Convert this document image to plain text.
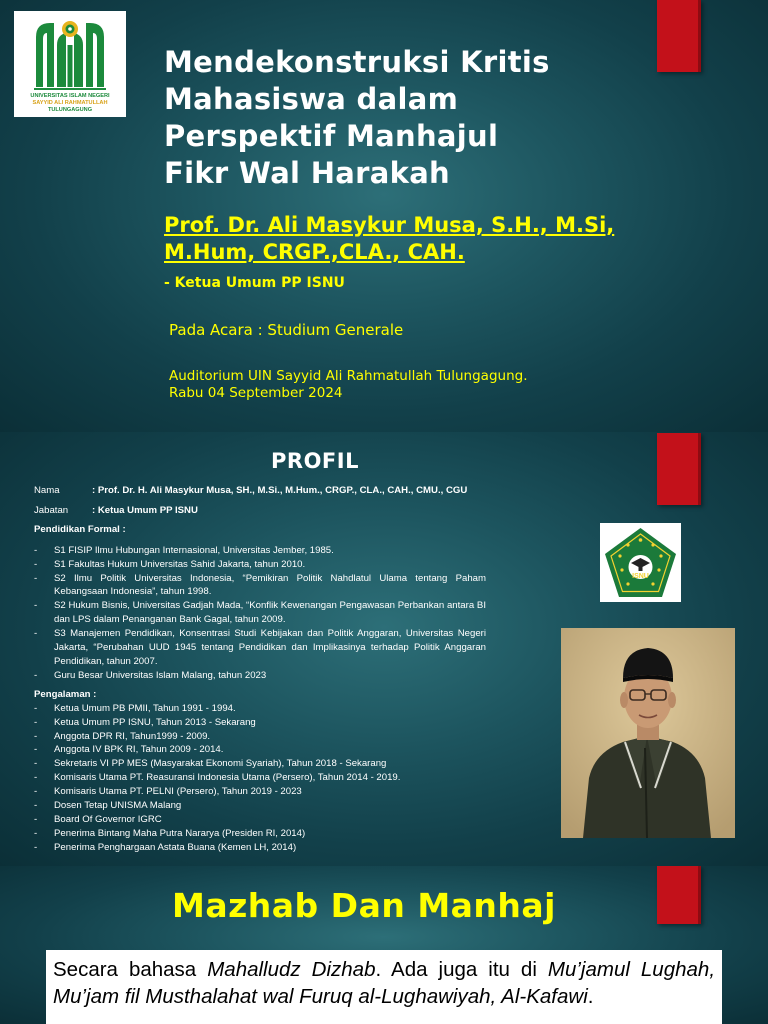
UNIVERSITAS ISLAM NEGERI
SAYYID ALI RAHMATULLAH
TULUNGAGUNG
Mendekonstruksi Kritis
Mahasiswa dalam
Perspektif Manhajul
Fikr Wal Harakah
Prof. Dr. Ali Masykur Musa, S.H., M.Si,
M.Hum, CRGP.,CLA., CAH.
- Ketua Umum PP ISNU
Pada Acara : Studium Generale
Auditorium UIN Sayyid Ali Rahmatullah Tulungagung.
Rabu 04 September 2024
PROFIL
Nama	: Prof. Dr. H. Ali Masykur Musa, SH., M.Si., M.Hum., CRGP., CLA., CAH., CMU., CGU
Jabatan	: Ketua Umum PP ISNU
Pendidikan Formal :
- S1 FISIP Ilmu Hubungan Internasional, Universitas Jember, 1985.
- S1 Fakultas Hukum Universitas Sahid Jakarta, tahun 2010.
- S2 Ilmu Politik Universitas Indonesia, “Pemikiran Politik Nahdlatul Ulama tentang Paham Kebangsaan Indonesia”, tahun 1998.
- S2 Hukum Bisnis, Universitas Gadjah Mada, “Konflik Kewenangan Pengawasan Perbankan antara BI dan LPS dalam Penanganan Bank Gagal, tahun 2009.
- S3 Manajemen Pendidikan, Konsentrasi Studi Kebijakan dan Politik Anggaran, Universitas Negeri Jakarta, “Perubahan UUD 1945 tentang Pendidikan dan Implikasinya terhadap Politik Anggaran Pendidikan, tahun 2007.
- Guru Besar Universitas Islam Malang, tahun 2023
Pengalaman :
- Ketua Umum PB PMII, Tahun 1991 - 1994.
- Ketua Umum PP ISNU, Tahun 2013 - Sekarang
- Anggota DPR RI, Tahun1999 - 2009.
- Anggota IV BPK RI, Tahun 2009 - 2014.
- Sekretaris VI PP MES (Masyarakat Ekonomi Syariah), Tahun 2018 - Sekarang
- Komisaris Utama PT. Reasuransi Indonesia Utama (Persero), Tahun 2014 - 2019.
- Komisaris Utama PT. PELNI (Persero), Tahun 2019 - 2023
- Dosen Tetap UNISMA Malang
- Board Of Governor IGRC
- Penerima Bintang Maha Putra Nararya (Presiden RI, 2014)
- Penerima Penghargaan Astata Buana (Kemen LH, 2014)
ISNU
Mazhab Dan Manhaj
Secara bahasa Mahalludz Dizhab. Ada juga itu di Mu’jamul Lughah, Mu’jam fil Musthalahat wal Furuq al-Lughawiyah, Al-Kafawi.
